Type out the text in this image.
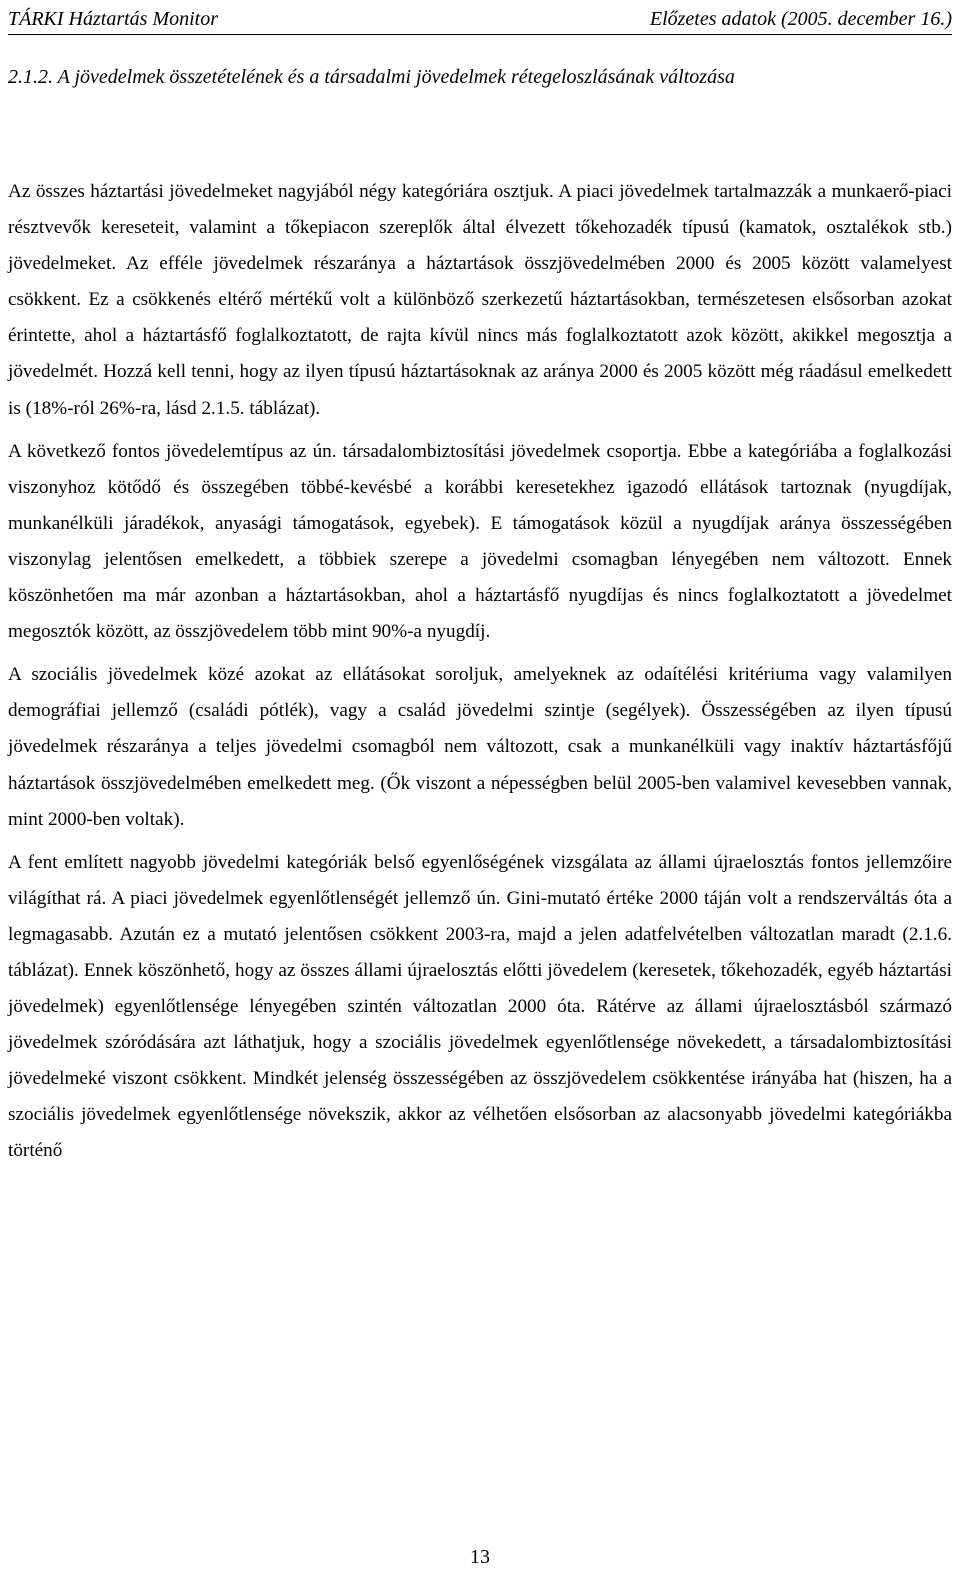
TÁRKI Háztartás Monitor	Előzetes adatok (2005. december 16.)
2.1.2. A jövedelmek összetételének és a társadalmi jövedelmek rétegeloszlásának változása

Az összes háztartási jövedelmeket nagyjából négy kategóriára osztjuk. A piaci jövedelmek tartalmazzák a munkaerő-piaci résztvevők kereseteit, valamint a tőkepiacon szereplők által élvezett tőkehozadék típusú (kamatok, osztalékok stb.) jövedelmeket. Az efféle jövedelmek részaránya a háztartások összjövedelmében 2000 és 2005 között valamelyest csökkent. Ez a csökkenés eltérő mértékű volt a különböző szerkezetű háztartásokban, természetesen elsősorban azokat érintette, ahol a háztartásfő foglalkoztatott, de rajta kívül nincs más foglalkoztatott azok között, akikkel megosztja a jövedelmét. Hozzá kell tenni, hogy az ilyen típusú háztartásoknak az aránya 2000 és 2005 között még ráadásul emelkedett is (18%-ról 26%-ra, lásd 2.1.5. táblázat).

A következő fontos jövedelemtípus az ún. társadalombiztosítási jövedelmek csoportja. Ebbe a kategóriába a foglalkozási viszonyhoz kötődő és összegében többé-kevésbé a korábbi keresetekhez igazodó ellátások tartoznak (nyugdíjak, munkanélküli járadékok, anyasági támogatások, egyebek). E támogatások közül a nyugdíjak aránya összességében viszonylag jelentősen emelkedett, a többiek szerepe a jövedelmi csomagban lényegében nem változott. Ennek köszönhetően ma már azonban a háztartásokban, ahol a háztartásfő nyugdíjas és nincs foglalkoztatott a jövedelmet megosztók között, az összjövedelem több mint 90%-a nyugdíj.

A szociális jövedelmek közé azokat az ellátásokat soroljuk, amelyeknek az odaítélési kritériuma vagy valamilyen demográfiai jellemző (családi pótlék), vagy a család jövedelmi szintje (segélyek). Összességében az ilyen típusú jövedelmek részaránya a teljes jövedelmi csomagból nem változott, csak a munkanélküli vagy inaktív háztartásfőjű háztartások összjövedelmében emelkedett meg. (Ők viszont a népességben belül 2005-ben valamivel kevesebben vannak, mint 2000-ben voltak).

A fent említett nagyobb jövedelmi kategóriák belső egyenlőségének vizsgálata az állami újraelosztás fontos jellemzőire világíthat rá. A piaci jövedelmek egyenlőtlenségét jellemző ún. Gini-mutató értéke 2000 táján volt a rendszerváltás óta a legmagasabb. Azután ez a mutató jelentősen csökkent 2003-ra, majd a jelen adatfelvételben változatlan maradt (2.1.6. táblázat). Ennek köszönhető, hogy az összes állami újraelosztás előtti jövedelem (keresetek, tőkehozadék, egyéb háztartási jövedelmek) egyenlőtlensége lényegében szintén változatlan 2000 óta. Rátérve az állami újraelosztásból származó jövedelmek szóródására azt láthatjuk, hogy a szociális jövedelmek egyenlőtlensége növekedett, a társadalombiztosítási jövedelmeké viszont csökkent. Mindkét jelenség összességében az összjövedelem csökkentése irányába hat (hiszen, ha a szociális jövedelmek egyenlőtlensége növekszik, akkor az vélhetően elsősorban az alacsonyabb jövedelmi kategóriákba történő

13
